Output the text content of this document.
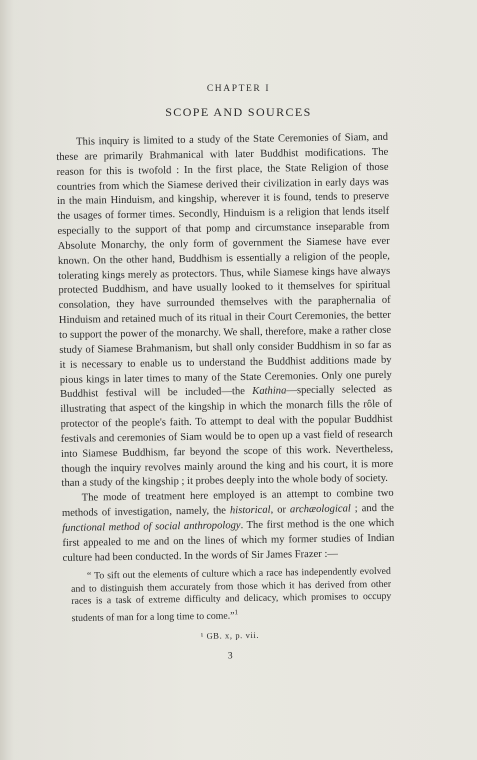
CHAPTER I
SCOPE AND SOURCES

This inquiry is limited to a study of the State Ceremonies of Siam, and these are primarily Brahmanical with later Buddhist modifications. The reason for this is twofold : In the first place, the State Religion of those countries from which the Siamese derived their civilization in early days was in the main Hinduism, and kingship, wherever it is found, tends to preserve the usages of former times. Secondly, Hinduism is a religion that lends itself especially to the support of that pomp and circumstance inseparable from Absolute Monarchy, the only form of government the Siamese have ever known. On the other hand, Buddhism is essentially a religion of the people, tolerating kings merely as protectors. Thus, while Siamese kings have always protected Buddhism, and have usually looked to it themselves for spiritual consolation, they have surrounded themselves with the paraphernalia of Hinduism and retained much of its ritual in their Court Ceremonies, the better to support the power of the monarchy. We shall, therefore, make a rather close study of Siamese Brahmanism, but shall only consider Buddhism in so far as it is necessary to enable us to understand the Buddhist additions made by pious kings in later times to many of the State Ceremonies. Only one purely Buddhist festival will be included—the Kathina—specially selected as illustrating that aspect of the kingship in which the monarch fills the rôle of protector of the people's faith. To attempt to deal with the popular Buddhist festivals and ceremonies of Siam would be to open up a vast field of research into Siamese Buddhism, far beyond the scope of this work. Nevertheless, though the inquiry revolves mainly around the king and his court, it is more than a study of the kingship ; it probes deeply into the whole body of society.

The mode of treatment here employed is an attempt to combine two methods of investigation, namely, the historical, or archæological ; and the functional method of social anthropology. The first method is the one which first appealed to me and on the lines of which my former studies of Indian culture had been conducted. In the words of Sir James Frazer :—

“ To sift out the elements of culture which a race has independently evolved and to distinguish them accurately from those which it has derived from other races is a task of extreme difficulty and delicacy, which promises to occupy students of man for a long time to come.”$^1$

¹ GB. x, p. vii.

3
